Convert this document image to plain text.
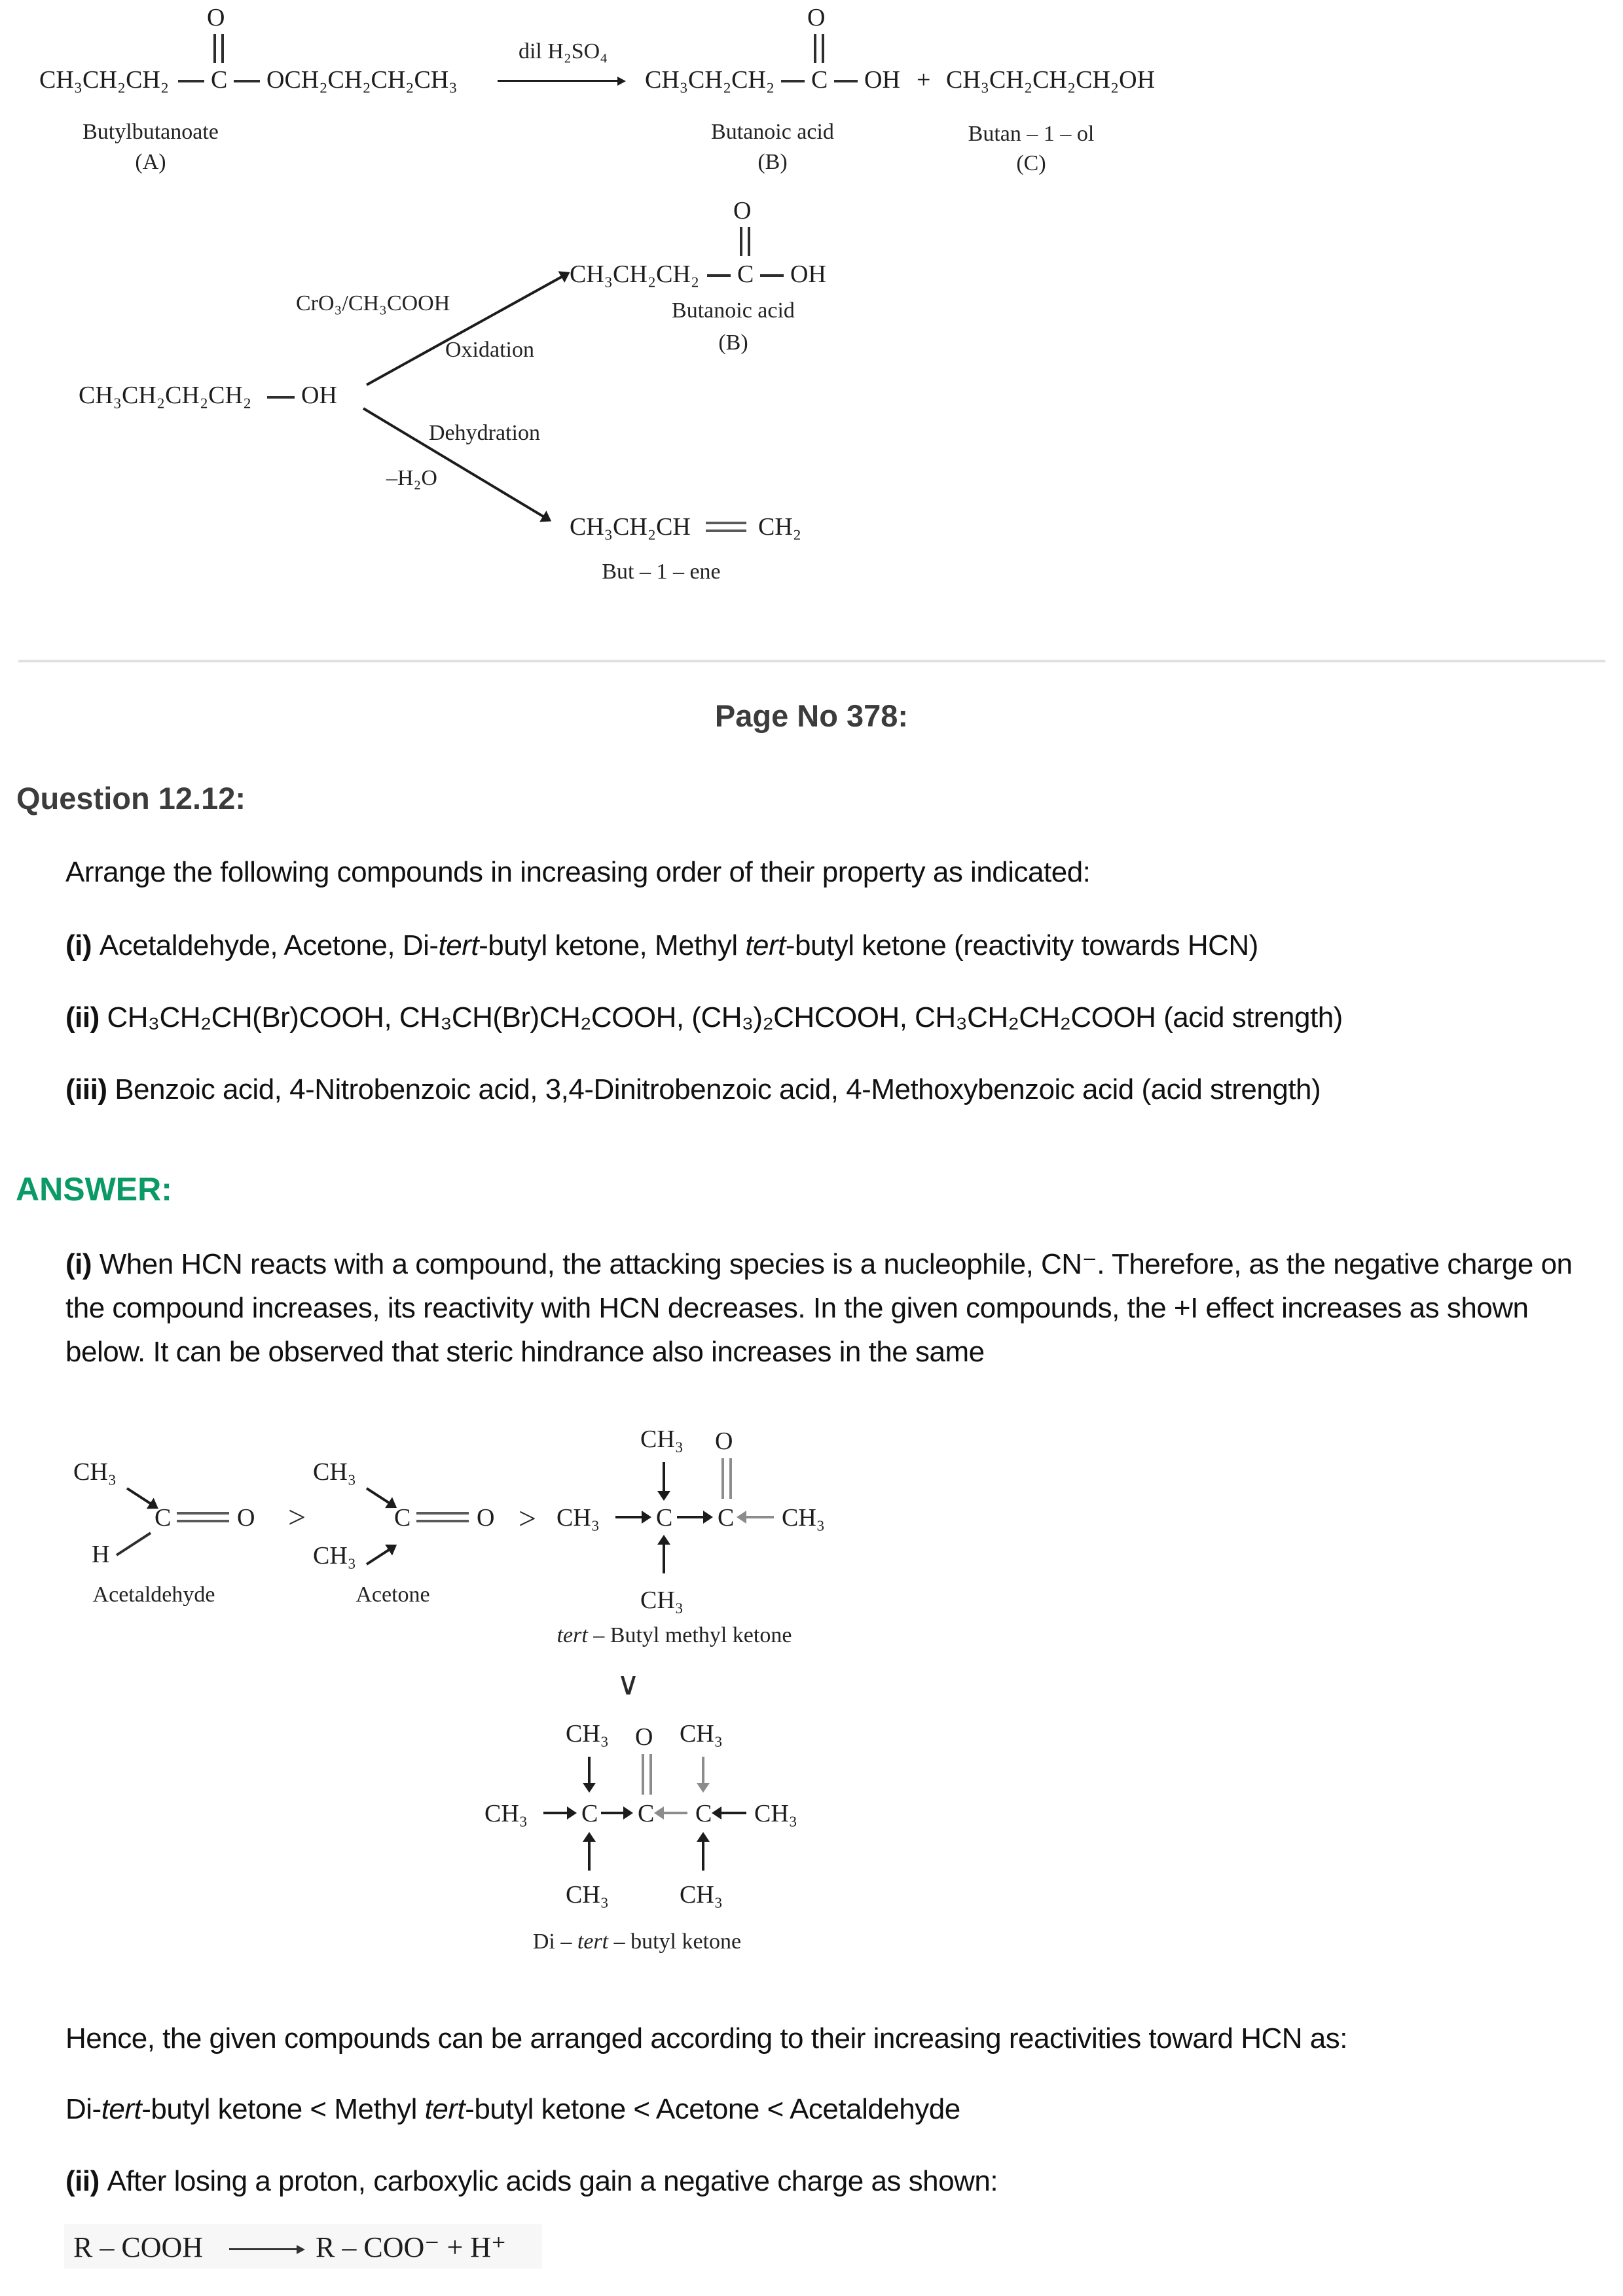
CH₃CH₂CH₂ C
O
OCH₂CH₂CH₂CH₃
dil H₂SO₄
CH₃CH₂CH₂ C
O
OH + CH₃CH₂CH₂CH₂OH
Butylbutanoate
(A)
Butanoic acid
(B)
Butan – 1 – ol
(C)
CH₃CH₂CH₂CH₂ OH
CrO₃/CH₃COOH
Oxidation
CH₃CH₂CH₂ C
O
OH
Butanoic acid
(B)
Dehydration
–H₂O
CH₃CH₂CH	CH₂
But – 1 – ene
Page No 378:
Question 12.12:
Arrange the following compounds in increasing order of their property as indicated:
(i) Acetaldehyde, Acetone, Di-tert-butyl ketone, Methyl tert-butyl ketone (reactivity towards HCN)
(ii) CH₃CH₂CH(Br)COOH, CH₃CH(Br)CH₂COOH, (CH₃)₂CHCOOH, CH₃CH₂CH₂COOH (acid strength)
(iii) Benzoic acid, 4-Nitrobenzoic acid, 3,4-Dinitrobenzoic acid, 4-Methoxybenzoic acid (acid strength)
ANSWER:
(i) When HCN reacts with a compound, the attacking species is a nucleophile, CN⁻. Therefore, as the negative charge on the compound increases, its reactivity with HCN decreases. In the given compounds, the +I effect increases as shown below. It can be observed that steric hindrance also increases in the same
CH₃
H
C	O
Acetaldehyde
>
CH₃
CH₃
C	O
Acetone
> CH₃ C
CH₃
CH₃
C
O
CH₃
tert – Butyl methyl ketone
∨
CH₃ C
CH₃
CH₃
C
O
C
CH₃
CH₃
CH₃
Di – tert – butyl ketone
Hence, the given compounds can be arranged according to their increasing reactivities toward HCN as:
Di-tert-butyl ketone < Methyl tert-butyl ketone < Acetone < Acetaldehyde
(ii) After losing a proton, carboxylic acids gain a negative charge as shown:
R – COOH	R – COO⁻ + H⁺
